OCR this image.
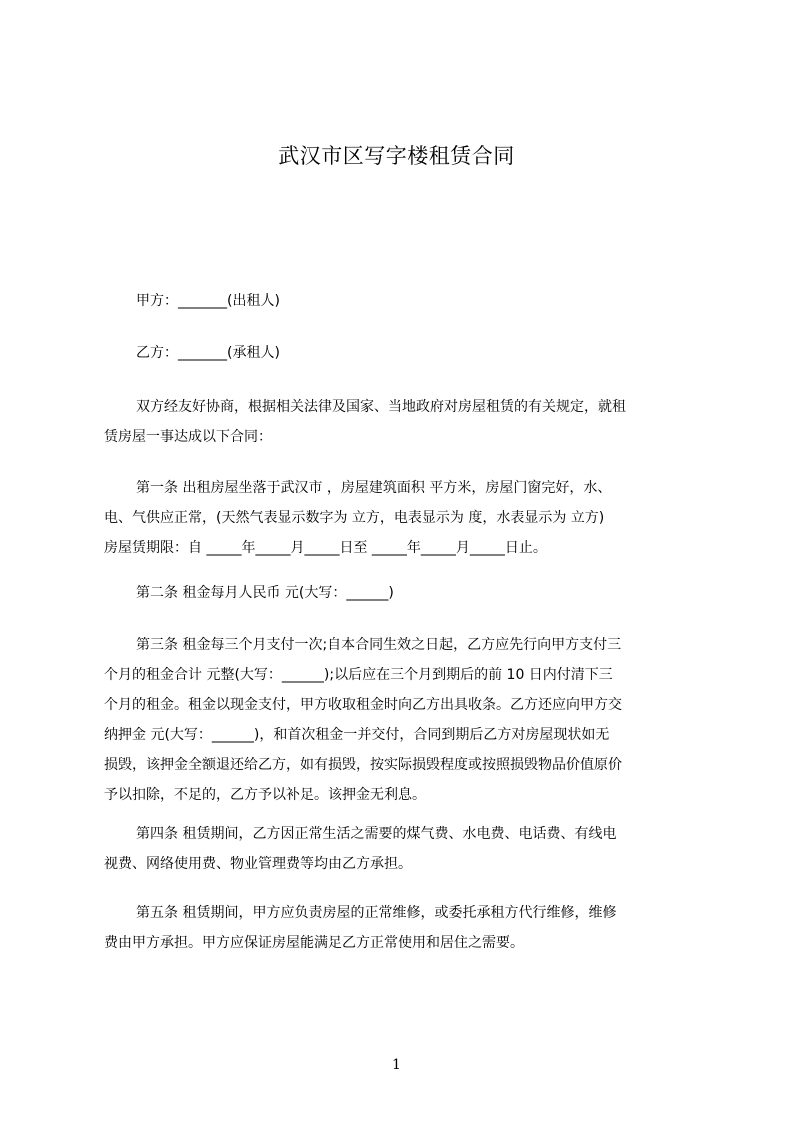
武汉市区写字楼租赁合同
甲方：_______(出租人)
乙方：_______(承租人)
双方经友好协商，根据相关法律及国家、当地政府对房屋租赁的有关规定，就租
赁房屋一事达成以下合同：
第一条 出租房屋坐落于武汉市 ，房屋建筑面积 平方米，房屋门窗完好，水、
电、气供应正常，(天然气表显示数字为 立方，电表显示为 度，水表显示为 立方)
房屋赁期限：自 _____年_____月_____日至 _____年_____月_____日止。
第二条 租金每月人民币 元(大写：______)
第三条 租金每三个月支付一次;自本合同生效之日起，乙方应先行向甲方支付三
个月的租金合计 元整(大写：______);以后应在三个月到期后的前 10 日内付清下三
个月的租金。租金以现金支付，甲方收取租金时向乙方出具收条。乙方还应向甲方交
纳押金 元(大写：______)，和首次租金一并交付，合同到期后乙方对房屋现状如无
损毁，该押金全额退还给乙方，如有损毁，按实际损毁程度或按照损毁物品价值原价
予以扣除，不足的，乙方予以补足。该押金无利息。
第四条 租赁期间，乙方因正常生活之需要的煤气费、水电费、电话费、有线电
视费、网络使用费、物业管理费等均由乙方承担。
第五条 租赁期间，甲方应负责房屋的正常维修，或委托承租方代行维修，维修
费由甲方承担。甲方应保证房屋能满足乙方正常使用和居住之需要。
1
